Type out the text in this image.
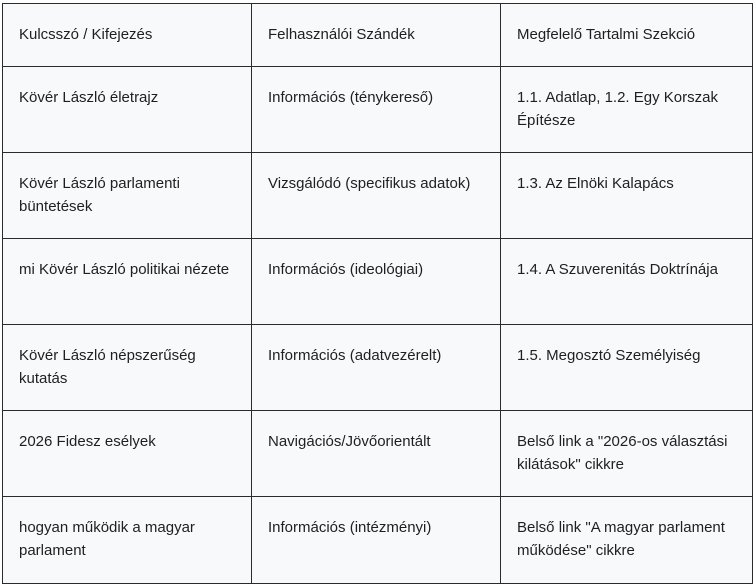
Kulcsszó / Kifejezés	Felhasználói Szándék	Megfelelő Tartalmi Szekció
Kövér László életrajz	Információs (ténykereső)	1.1. Adatlap, 1.2. Egy Korszak Építésze
Kövér László parlamenti büntetések	Vizsgálódó (specifikus adatok)	1.3. Az Elnöki Kalapács
mi Kövér László politikai nézete	Információs (ideológiai)	1.4. A Szuverenitás Doktrínája
Kövér László népszerűség kutatás	Információs (adatvezérelt)	1.5. Megosztó Személyiség
2026 Fidesz esélyek	Navigációs/Jövőorientált	Belső link a "2026-os választási kilátások" cikkre
hogyan működik a magyar parlament	Információs (intézményi)	Belső link "A magyar parlament működése" cikkre
